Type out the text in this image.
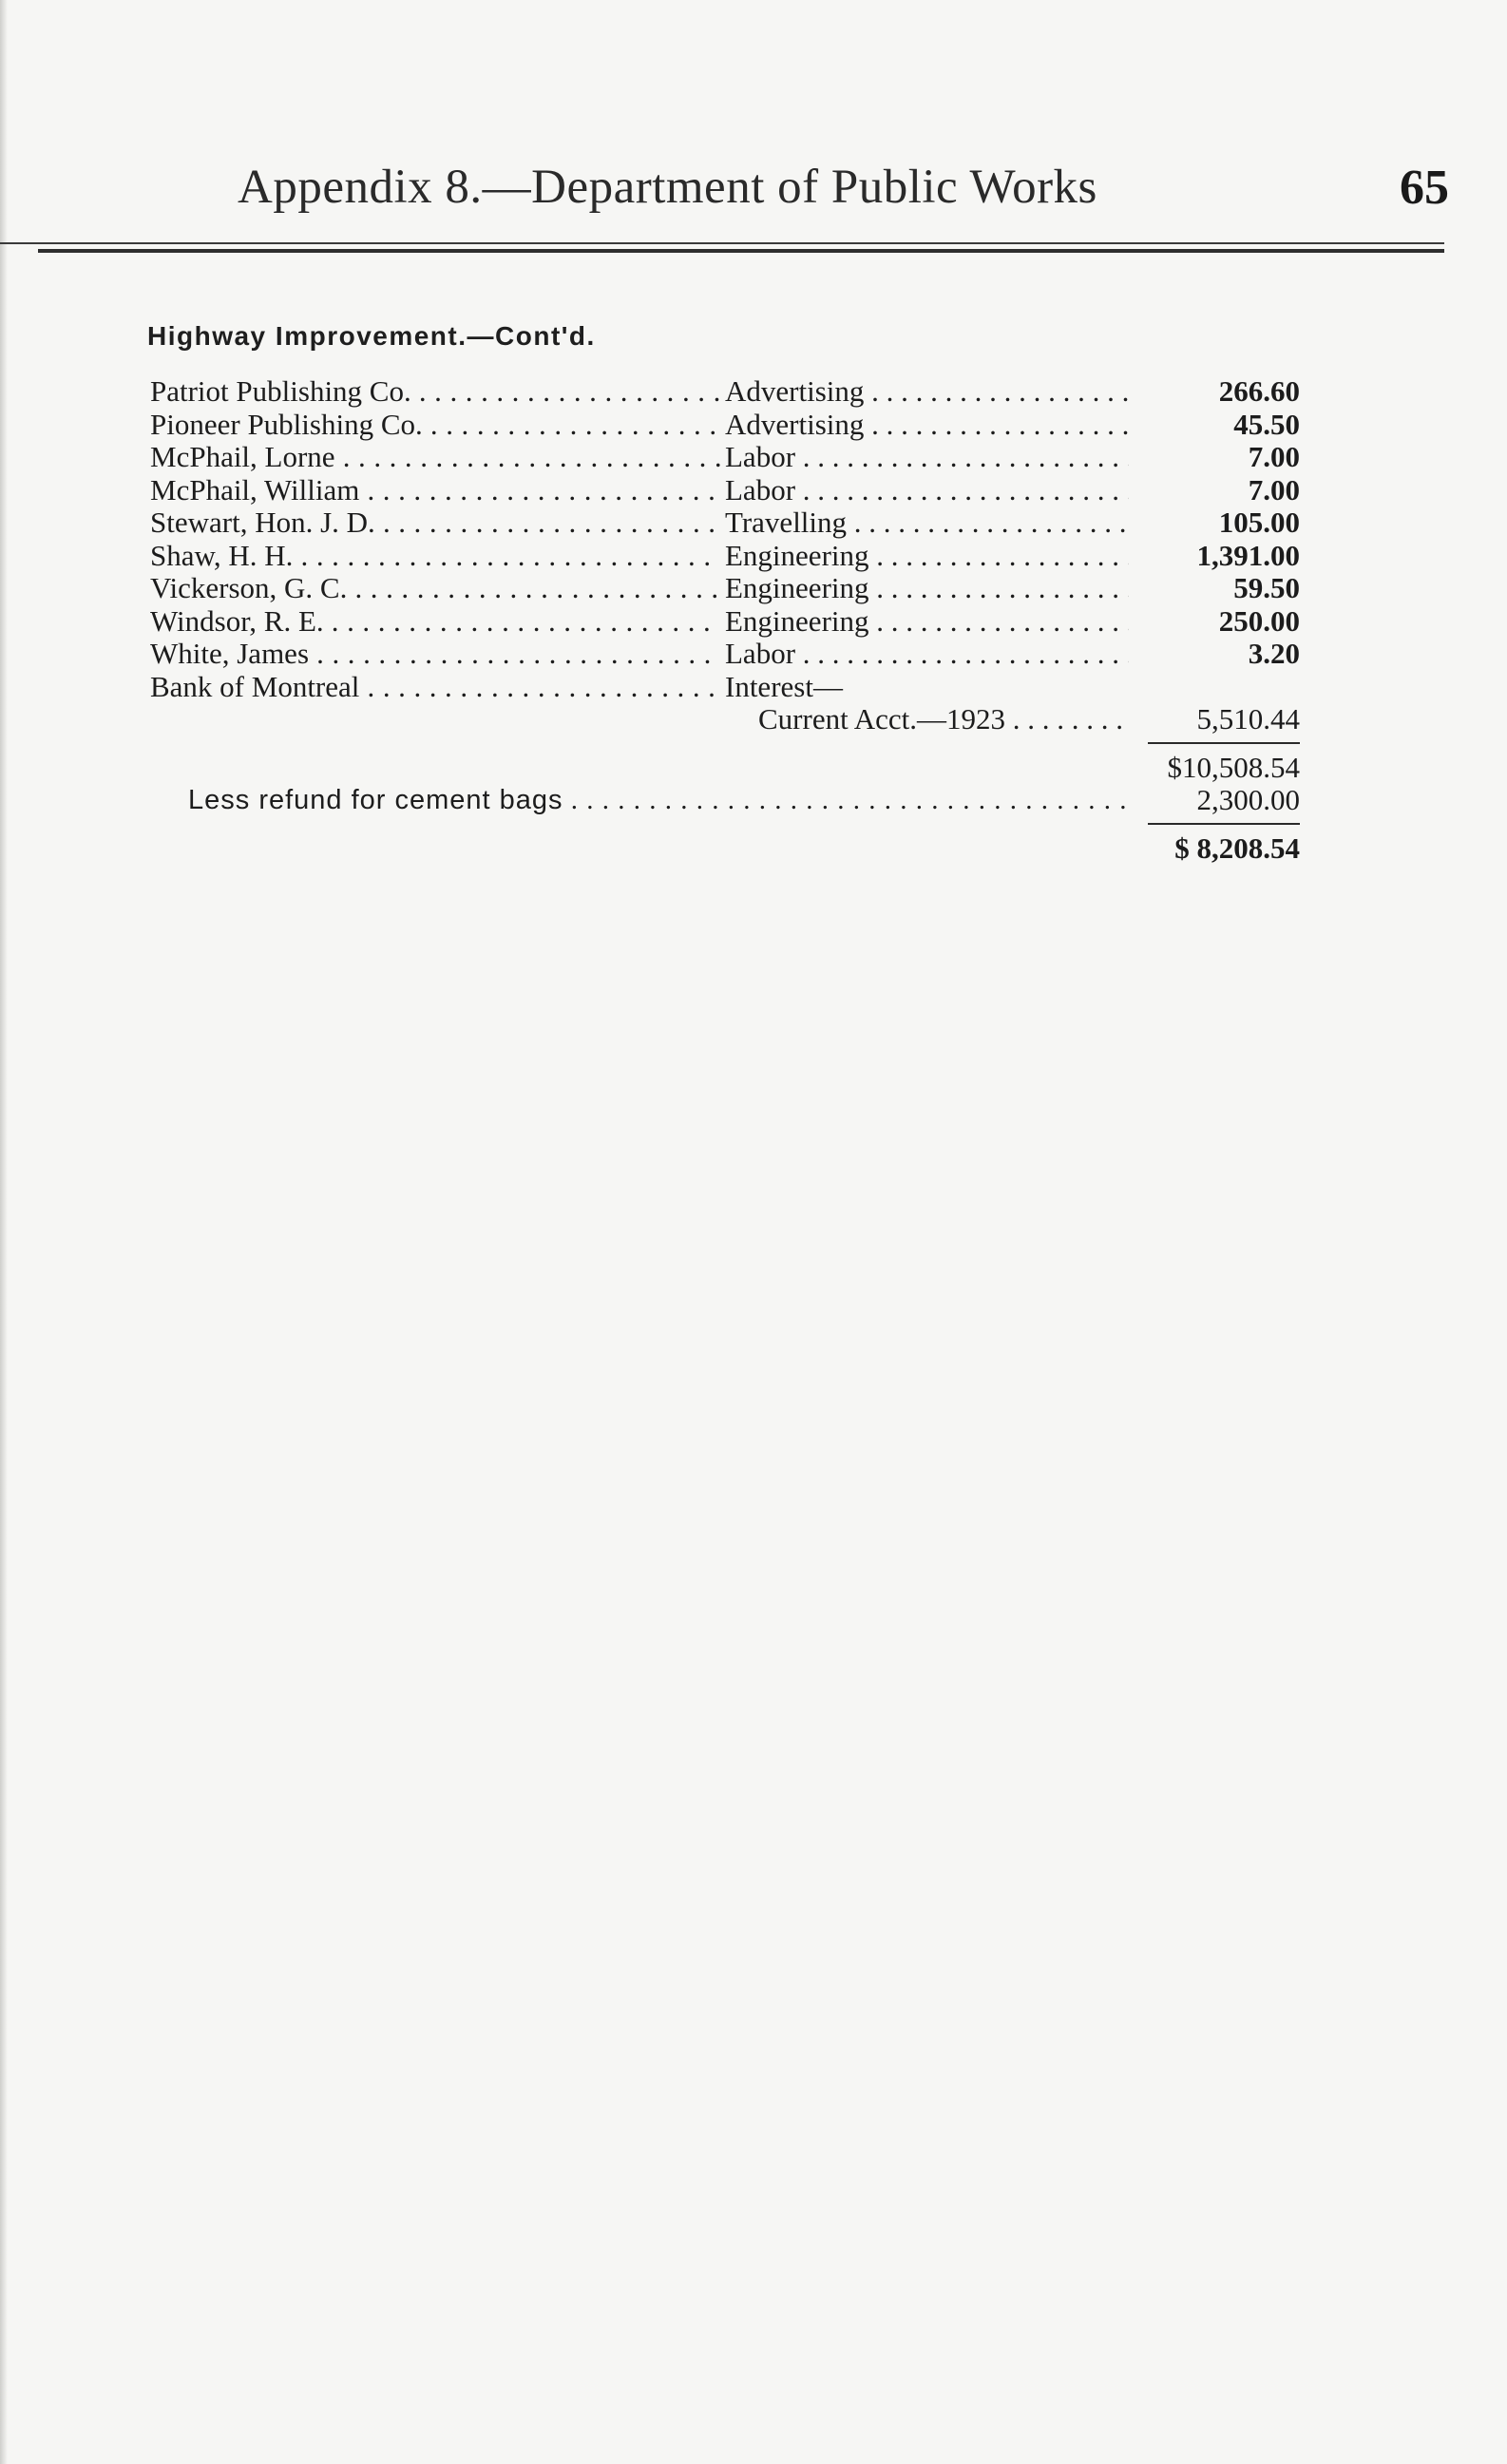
Appendix 8.—Department of Public Works	65
Highway Improvement.—Cont'd.
Patriot Publishing Co. . . .	Advertising . . .	266.60
Pioneer Publishing Co. . . .	Advertising . . .	45.50
McPhail, Lorne . . .	Labor . . .	7.00
McPhail, William . . .	Labor . . .	7.00
Stewart, Hon. J. D. . . .	Travelling . . .	105.00
Shaw, H. H. . . .	Engineering . . .	1,391.00
Vickerson, G. C. . . .	Engineering . . .	59.50
Windsor, R. E. . . .	Engineering . . .	250.00
White, James . . .	Labor . . .	3.20
Bank of Montreal . . .	Interest—
Current Acct.—1923 . . .	5,510.44
$10,508.54
Less refund for cement bags . . .	2,300.00
$ 8,208.54
